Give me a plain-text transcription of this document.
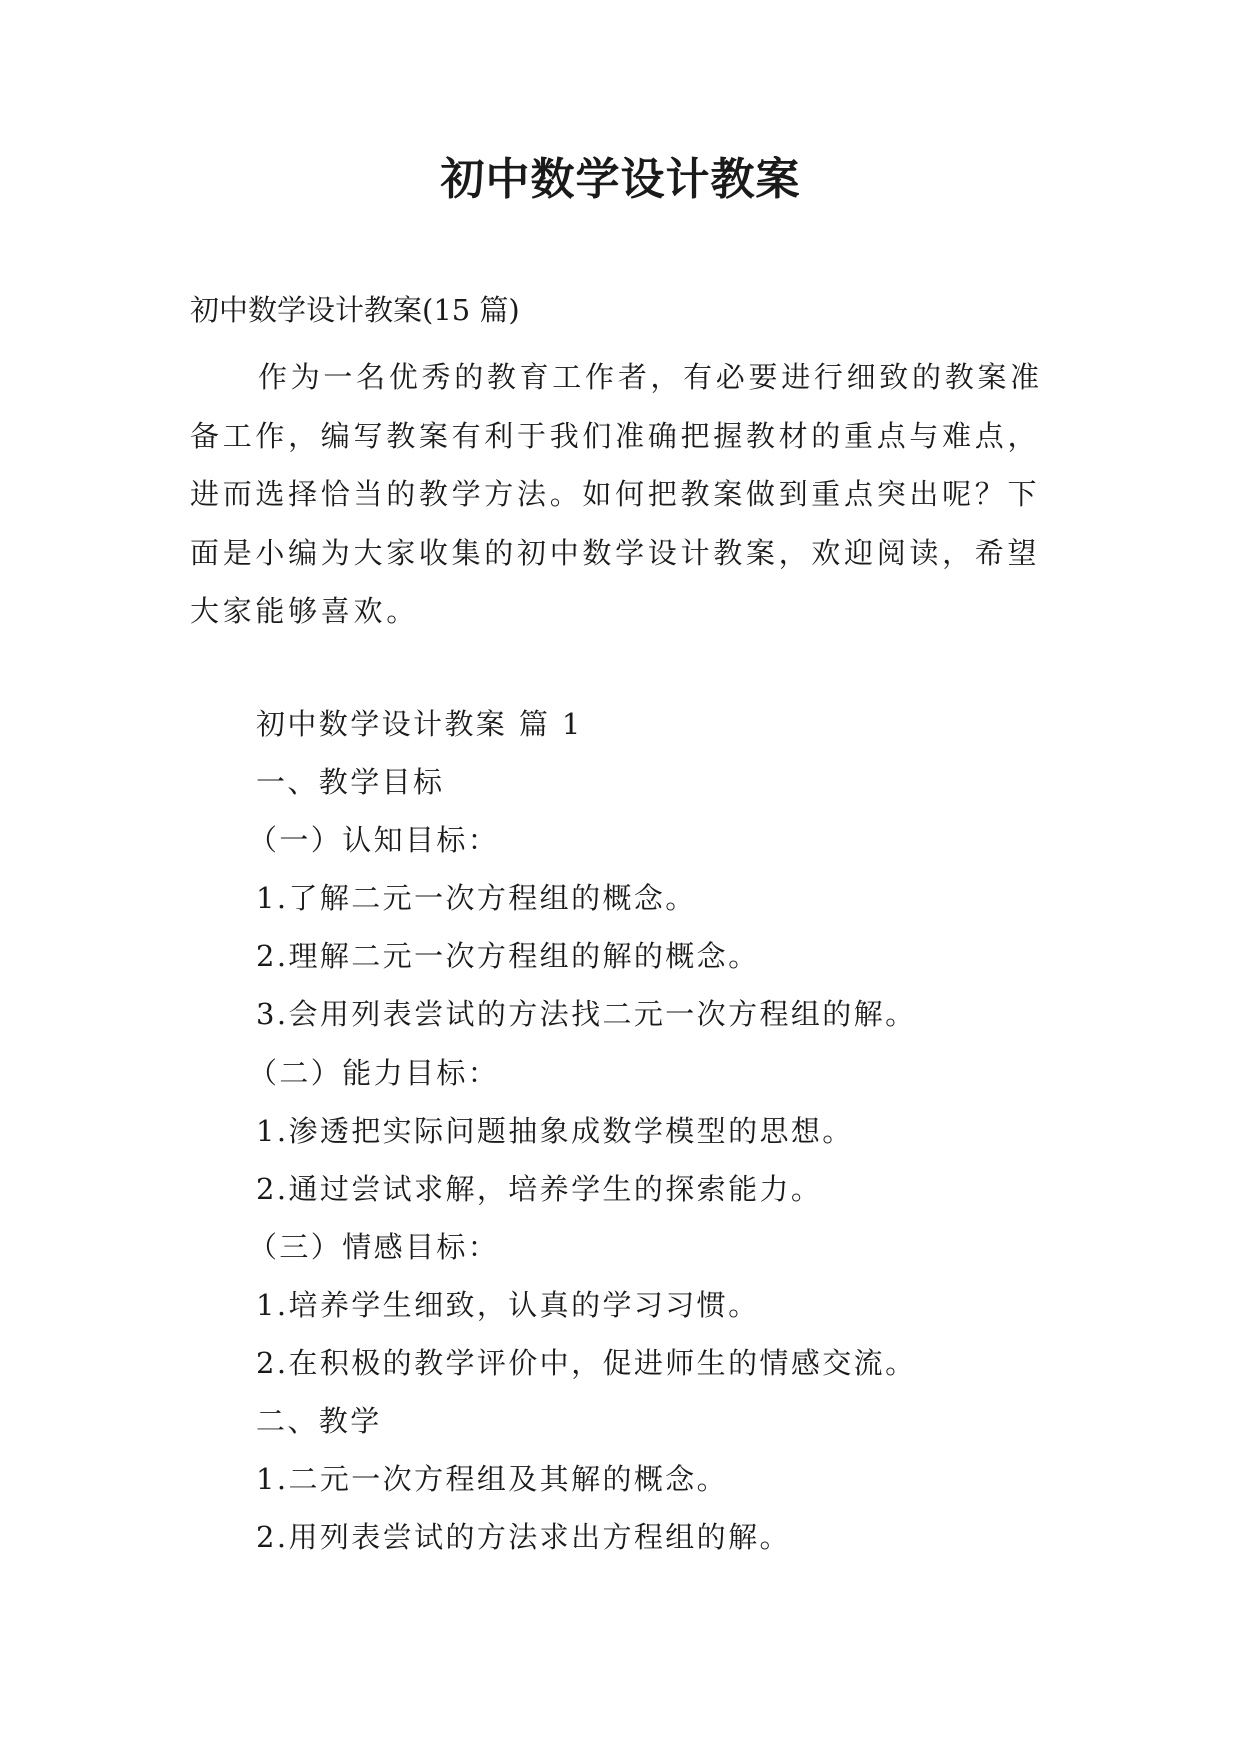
初中数学设计教案
初中数学设计教案(15 篇)

作为一名优秀的教育工作者，有必要进行细致的教案准备工作，编写教案有利于我们准确把握教材的重点与难点，进而选择恰当的教学方法。如何把教案做到重点突出呢？下面是小编为大家收集的初中数学设计教案，欢迎阅读，希望大家能够喜欢。

初中数学设计教案 篇 1
一、教学目标
（一）认知目标：
1.了解二元一次方程组的概念。
2.理解二元一次方程组的解的概念。
3.会用列表尝试的方法找二元一次方程组的解。
（二）能力目标：
1.渗透把实际问题抽象成数学模型的思想。
2.通过尝试求解，培养学生的探索能力。
（三）情感目标：
1.培养学生细致，认真的学习习惯。
2.在积极的教学评价中，促进师生的情感交流。
二、教学
1.二元一次方程组及其解的概念。
2.用列表尝试的方法求出方程组的解。
